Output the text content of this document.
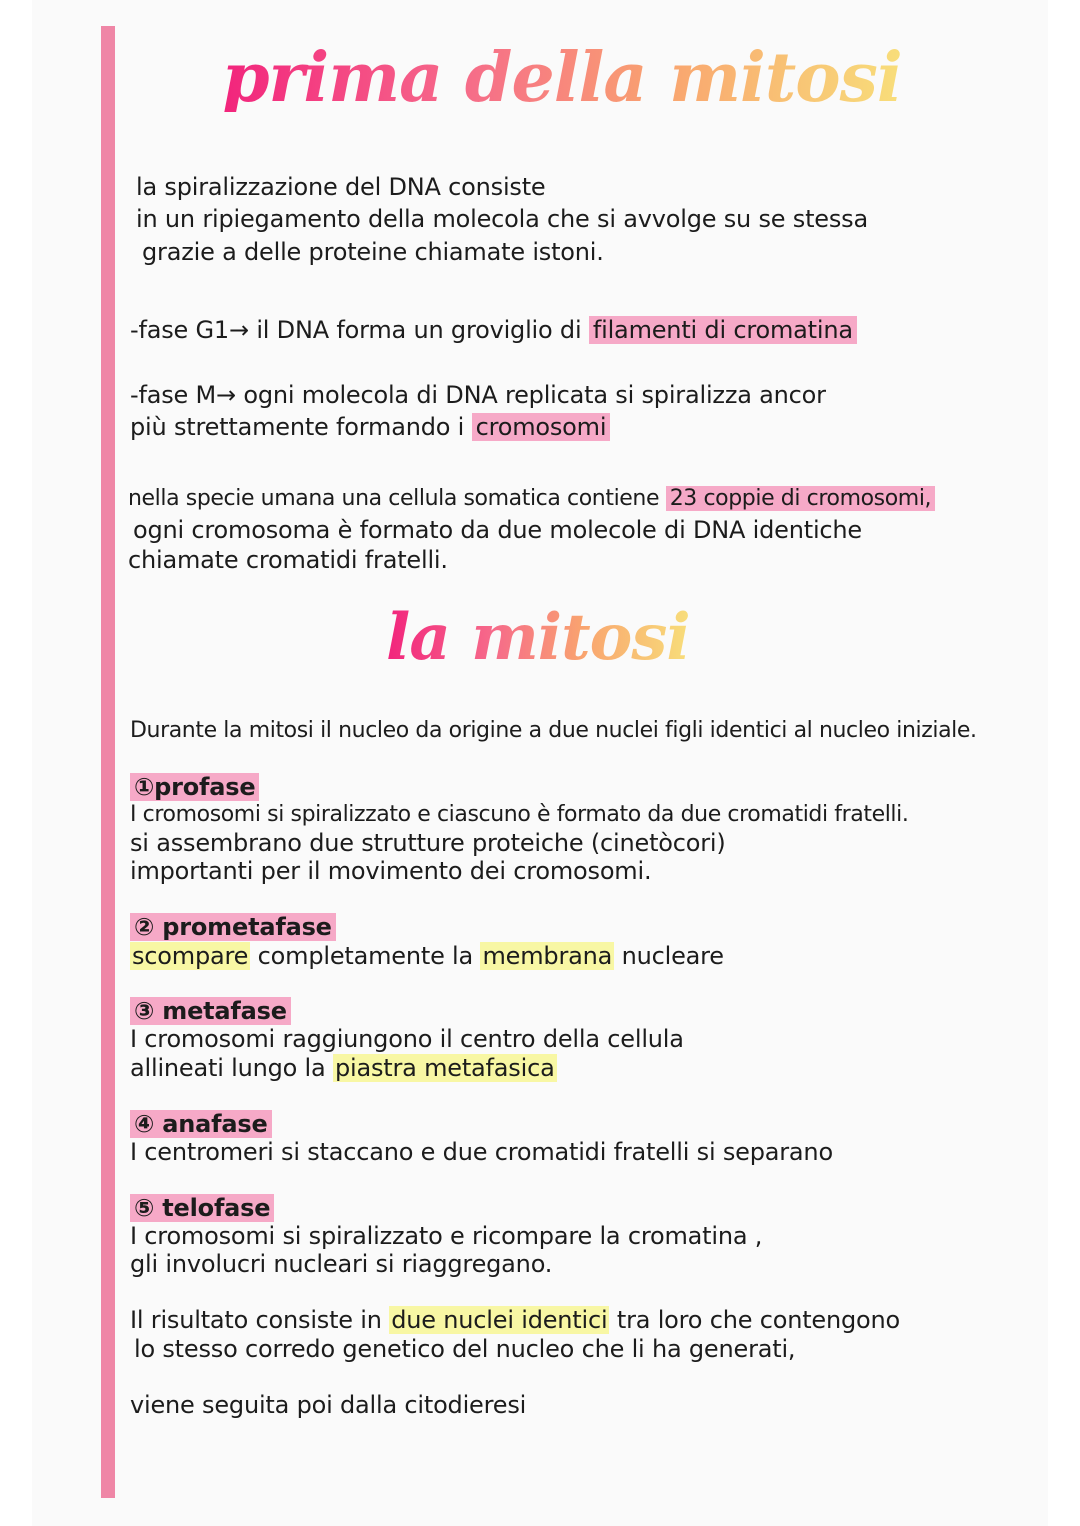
prima della mitosi

la spiralizzazione del DNA consiste

in un ripiegamento della molecola che si avvolge su se stessa

grazie a delle proteine chiamate istoni.

-fase G1→ il DNA forma un groviglio di filamenti di cromatina

-fase M→ ogni molecola di DNA replicata si spiralizza ancor

più strettamente formando i cromosomi

nella specie umana una cellula somatica contiene 23 coppie di cromosomi,

ogni cromosoma è formato da due molecole di DNA identiche

chiamate cromatidi fratelli.

la mitosi

Durante la mitosi il nucleo da origine a due nuclei figli identici al nucleo iniziale.

①profase

I cromosomi si spiralizzato e ciascuno è formato da due cromatidi fratelli.

si assembrano due strutture proteiche (cinetòcori)

importanti per il movimento dei cromosomi.

② prometafase

scompare completamente la membrana nucleare

③ metafase

I cromosomi raggiungono il centro della cellula

allineati lungo la piastra metafasica

④ anafase

I centromeri si staccano e due cromatidi fratelli si separano

⑤ telofase

I cromosomi si spiralizzato e ricompare la cromatina ,

gli involucri nucleari si riaggregano.

Il risultato consiste in due nuclei identici tra loro che contengono

lo stesso corredo genetico del nucleo che li ha generati,

viene seguita poi dalla citodieresi
